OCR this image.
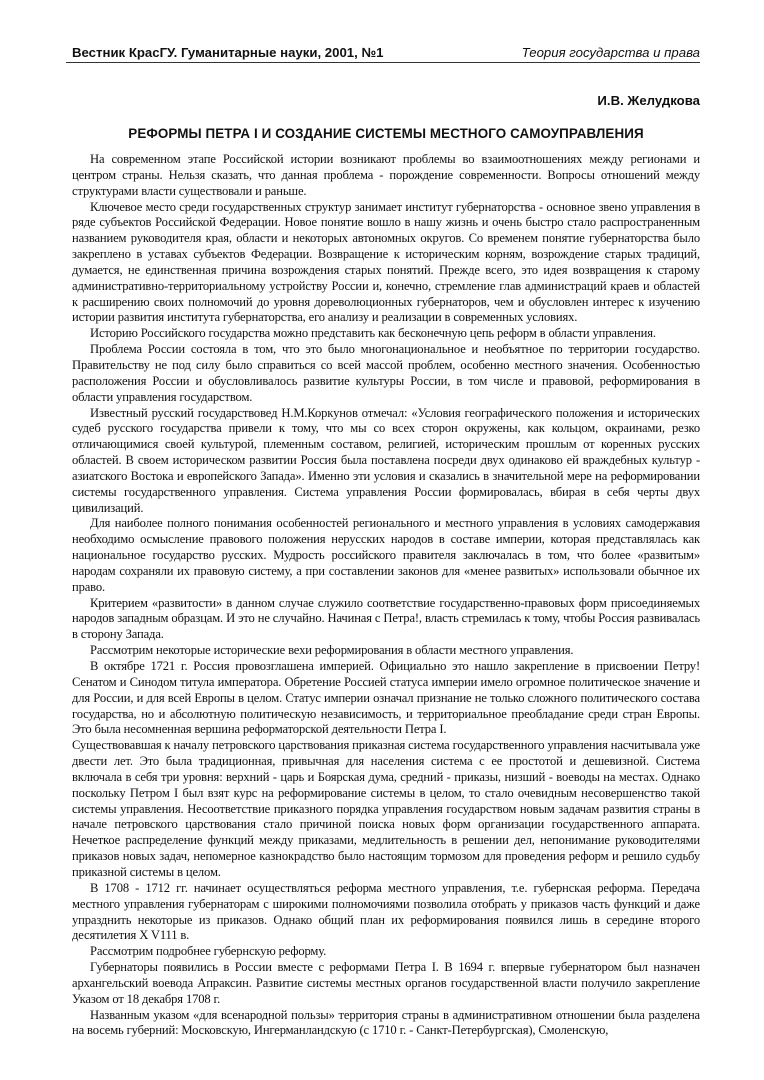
Вестник КрасГУ. Гуманитарные науки, 2001, №1	Теория государства и права
И.В. Желудкова
РЕФОРМЫ ПЕТРА I И СОЗДАНИЕ СИСТЕМЫ МЕСТНОГО САМОУПРАВЛЕНИЯ

На современном этапе Российской истории возникают проблемы во взаимоотношениях между регионами и центром страны. Нельзя сказать, что данная проблема - порождение современности. Вопросы отношений между структурами власти существовали и раньше.

Ключевое место среди государственных структур занимает институт губернаторства - основное звено управления в ряде субъектов Российской Федерации. Новое понятие вошло в нашу жизнь и очень быстро стало распространенным названием руководителя края, области и некоторых автономных округов. Со временем понятие губернаторства было закреплено в уставах субъектов Федерации. Возвращение к историческим корням, возрождение старых традиций, думается, не единственная причина возрождения старых понятий. Прежде всего, это идея возвращения к старому административно-территориальному устройству России и, конечно, стремление глав администраций краев и областей к расширению своих полномочий до уровня дореволюционных губернаторов, чем и обусловлен интерес к изучению истории развития института губернаторства, его анализу и реализации в современных условиях.

Историю Российского государства можно представить как бесконечную цепь реформ в области управления.

Проблема России состояла в том, что это было многонациональное и необъятное по территории государство. Правительству не под силу было справиться со всей массой проблем, особенно местного значения. Особенностью расположения России и обусловливалось развитие культуры России, в том числе и правовой, реформирования в области управления государством.

Известный русский государствовед Н.М.Коркунов отмечал: «Условия географического положения и исторических судеб русского государства привели к тому, что мы со всех сторон окружены, как кольцом, окраинами, резко отличающимися своей культурой, племенным составом, религией, историческим прошлым от коренных русских областей. В своем историческом развитии Россия была поставлена посреди двух одинаково ей враждебных культур - азиатского Востока и европейского Запада». Именно эти условия и сказались в значительной мере на реформировании системы государственного управления. Система управления России формировалась, вбирая в себя черты двух цивилизаций.

Для наиболее полного понимания особенностей регионального и местного управления в условиях самодержавия необходимо осмысление правового положения нерусских народов в составе империи, которая представлялась как национальное государство русских. Мудрость российского правителя заключалась в том, что более «развитым» народам сохраняли их правовую систему, а при составлении законов для «менее развитых» использовали обычное их право.

Критерием «развитости» в данном случае служило соответствие государственно-правовых форм присоединяемых народов западным образцам. И это не случайно. Начиная с Петра!, власть стремилась к тому, чтобы Россия развивалась в сторону Запада.

Рассмотрим некоторые исторические вехи реформирования в области местного управления.

В октябре 1721 г. Россия провозглашена империей. Официально это нашло закрепление в присвоении Петру! Сенатом и Синодом титула императора. Обретение Россией статуса империи имело огромное политическое значение и для России, и для всей Европы в целом. Статус империи означал признание не только сложного политического состава государства, но и абсолютную политическую независимость, и территориальное преобладание среди стран Европы. Это была несомненная вершина реформаторской деятельности Петра I.

Существовавшая к началу петровского царствования приказная система государственного управления насчитывала уже двести лет. Это была традиционная, привычная для населения система с ее простотой и дешевизной. Система включала в себя три уровня: верхний - царь и Боярская дума, средний - приказы, низший - воеводы на местах. Однако поскольку Петром I был взят курс на реформирование системы в целом, то стало очевидным несовершенство такой системы управления. Несоответствие приказного порядка управления государством новым задачам развития страны в начале петровского царствования стало причиной поиска новых форм организации государственного аппарата. Нечеткое распределение функций между приказами, медлительность в решении дел, непонимание руководителями приказов новых задач, непомерное казнокрадство было настоящим тормозом для проведения реформ и решило судьбу приказной системы в целом.

В 1708 - 1712 гг. начинает осуществляться реформа местного управления, т.е. губернская реформа. Передача местного управления губернаторам с широкими полномочиями позволила отобрать у приказов часть функций и даже упразднить некоторые из приказов. Однако общий план их реформирования появился лишь в середине второго десятилетия X V111 в.

Рассмотрим подробнее губернскую реформу.

Губернаторы появились в России вместе с реформами Петра I. В 1694 г. впервые губернатором был назначен архангельский воевода Апраксин. Развитие системы местных органов государственной власти получило закрепление Указом от 18 декабря 1708 г.

Названным указом «для всенародной пользы» территория страны в административном отношении была разделена на восемь губерний: Московскую, Ингерманландскую (с 1710 г. - Санкт-Петербургская), Смоленскую,
